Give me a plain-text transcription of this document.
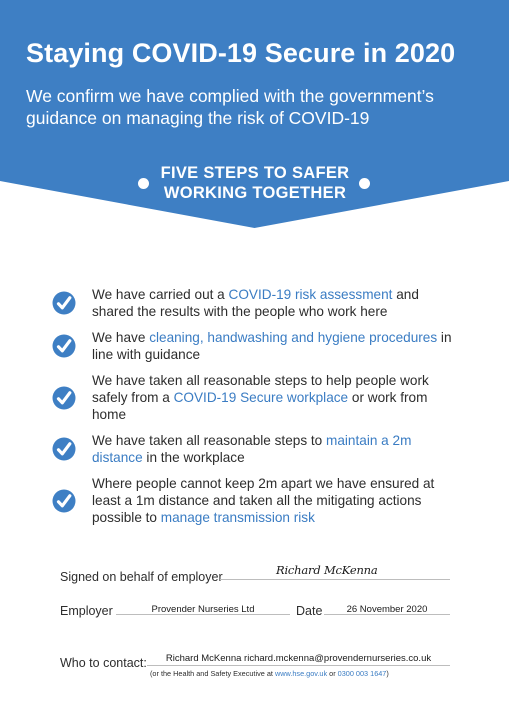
Staying COVID-19 Secure in 2020
We confirm we have complied with the government’s guidance on managing the risk of COVID-19
FIVE STEPS TO SAFER
WORKING TOGETHER
We have carried out a COVID-19 risk assessment and shared the results with the people who work here
We have cleaning, handwashing and hygiene procedures in line with guidance
We have taken all reasonable steps to help people work safely from a COVID-19 Secure workplace or work from home
We have taken all reasonable steps to maintain a 2m distance in the workplace
Where people cannot keep 2m apart we have ensured at least a 1m distance and taken all the mitigating actions possible to manage transmission risk
Signed on behalf of employer	Richard McKenna
Employer	Provender Nurseries Ltd	Date	26 November 2020
Who to contact:	Richard McKenna richard.mckenna@provendernurseries.co.uk
(or the Health and Safety Executive at www.hse.gov.uk or 0300 003 1647)
